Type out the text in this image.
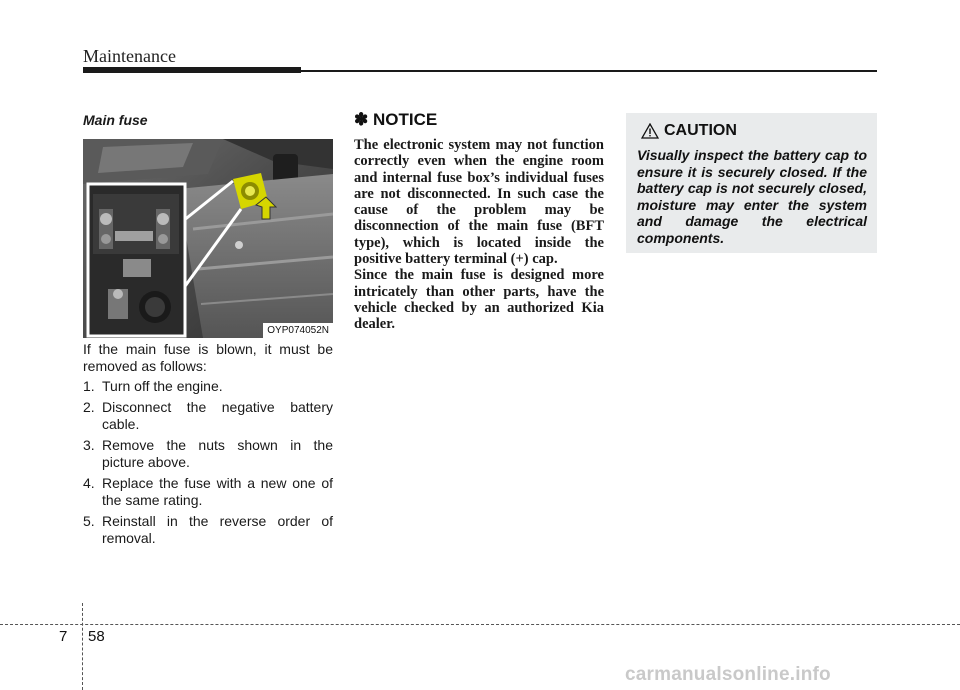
Maintenance
Main fuse
OYP074052N
If the main fuse is blown, it must be removed as follows:
1. Turn off the engine.
2. Disconnect the negative battery cable.
3. Remove the nuts shown in the picture above.
4. Replace the fuse with a new one of the same rating.
5. Reinstall in the reverse order of removal.
✽ NOTICE

The electronic system may not function correctly even when the engine room and internal fuse box’s individual fuses are not disconnected. In such case the cause of the problem may be disconnection of the main fuse (BFT type), which is located inside the positive battery terminal (+) cap.

Since the main fuse is designed more intricately than other parts, have the vehicle checked by an authorized Kia dealer.

CAUTION
Visually inspect the battery cap to ensure it is securely closed. If the battery cap is not securely closed, moisture may enter the system and damage the electrical components.
7 58
carmanualsonline.info
